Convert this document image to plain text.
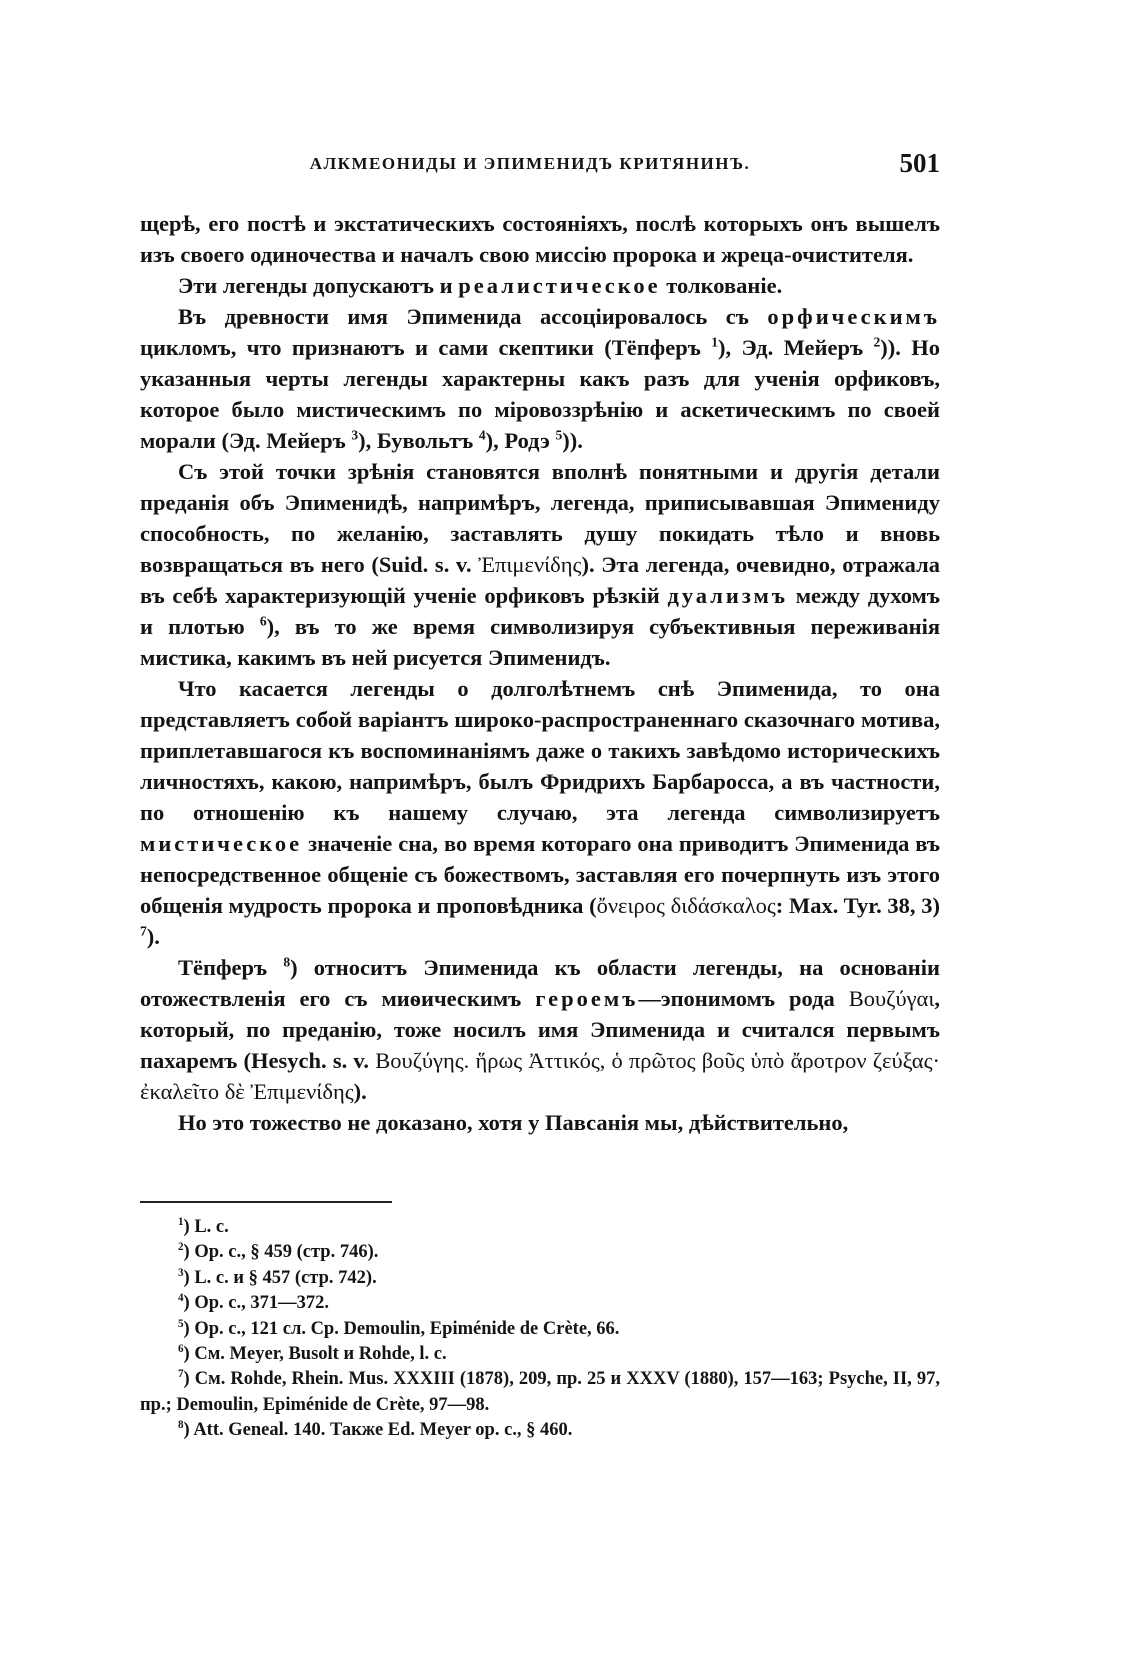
АЛКМЕОНИДЫ И ЭПИМЕНИДЪ КРИТЯНИНЪ.	501

щерѣ, его постѣ и экстатическихъ состояніяхъ, послѣ которыхъ онъ вышелъ изъ своего одиночества и началъ свою миссію пророка и жреца-очистителя.

Эти легенды допускаютъ и реалистическое толкованіе.

Въ древности имя Эпименида ассоціировалось съ орфическимъ цикломъ, что признаютъ и сами скептики (Тёпферъ $^1$), Эд. Мейеръ $^2$)). Но указанныя черты легенды характерны какъ разъ для ученія орфиковъ, которое было мистическимъ по міровоззрѣнію и аскетическимъ по своей морали (Эд. Мейеръ $^3$), Бувольтъ $^4$), Родэ $^5$)).

Съ этой точки зрѣнія становятся вполнѣ понятными и другія детали преданія объ Эпименидѣ, напримѣръ, легенда, приписывавшая Эпимениду способность, по желанію, заставлять душу покидать тѣло и вновь возвращаться въ него (Suid. s. v. Ἐπιμενίδης). Эта легенда, очевидно, отражала въ себѣ характеризующій ученіе орфиковъ рѣзкій дуализмъ между духомъ и плотью $^6$), въ то же время символизируя субъективныя переживанія мистика, какимъ въ ней рисуется Эпименидъ.

Что касается легенды о долголѣтнемъ снѣ Эпименида, то она представляетъ собой варіантъ широко-распространеннаго сказочнаго мотива, приплетавшагося къ воспоминаніямъ даже о такихъ завѣдомо историческихъ личностяхъ, какою, напримѣръ, былъ Фридрихъ Барбаросса, а въ частности, по отношенію къ нашему случаю, эта легенда символизируетъ мистическое значеніе сна, во время котораго она приводитъ Эпименида въ непосредственное общеніе съ божествомъ, заставляя его почерпнуть изъ этого общенія мудрость пророка и проповѣдника (ὄνειρος διδάσκαλος: Max. Tyr. 38, 3) $^7$).

Тёпферъ $^8$) относитъ Эпименида къ области легенды, на основаніи отожествленія его съ миѳическимъ героемъ—эпонимомъ рода Βουζύγαι, который, по преданію, тоже носилъ имя Эпименида и считался первымъ пахаремъ (Hesych. s. v. Βουζύγης. ἥρως Ἀττικός, ὁ πρῶτος βοῦς ὑπὸ ἄροτρον ζεύξας· ἐκαλεῖτο δὲ Ἐπιμενίδης).

Но это тожество не доказано, хотя у Павсанія мы, дѣйствительно,

$^1$) L. c.

$^2$) Op. c., § 459 (стр. 746).

$^3$) L. c. и § 457 (стр. 742).

$^4$) Op. c., 371—372.

$^5$) Op. c., 121 сл. Ср. Demoulin, Epiménide de Crète, 66.

$^6$) См. Meyer, Busolt и Rohde, l. c.

$^7$) См. Rohde, Rhein. Mus. XXXIII (1878), 209, пр. 25 и XXXV (1880), 157—163; Psyche, II, 97, пр.; Demoulin, Epiménide de Crète, 97—98.

$^8$) Att. Geneal. 140. Также Ed. Meyer op. c., § 460.
